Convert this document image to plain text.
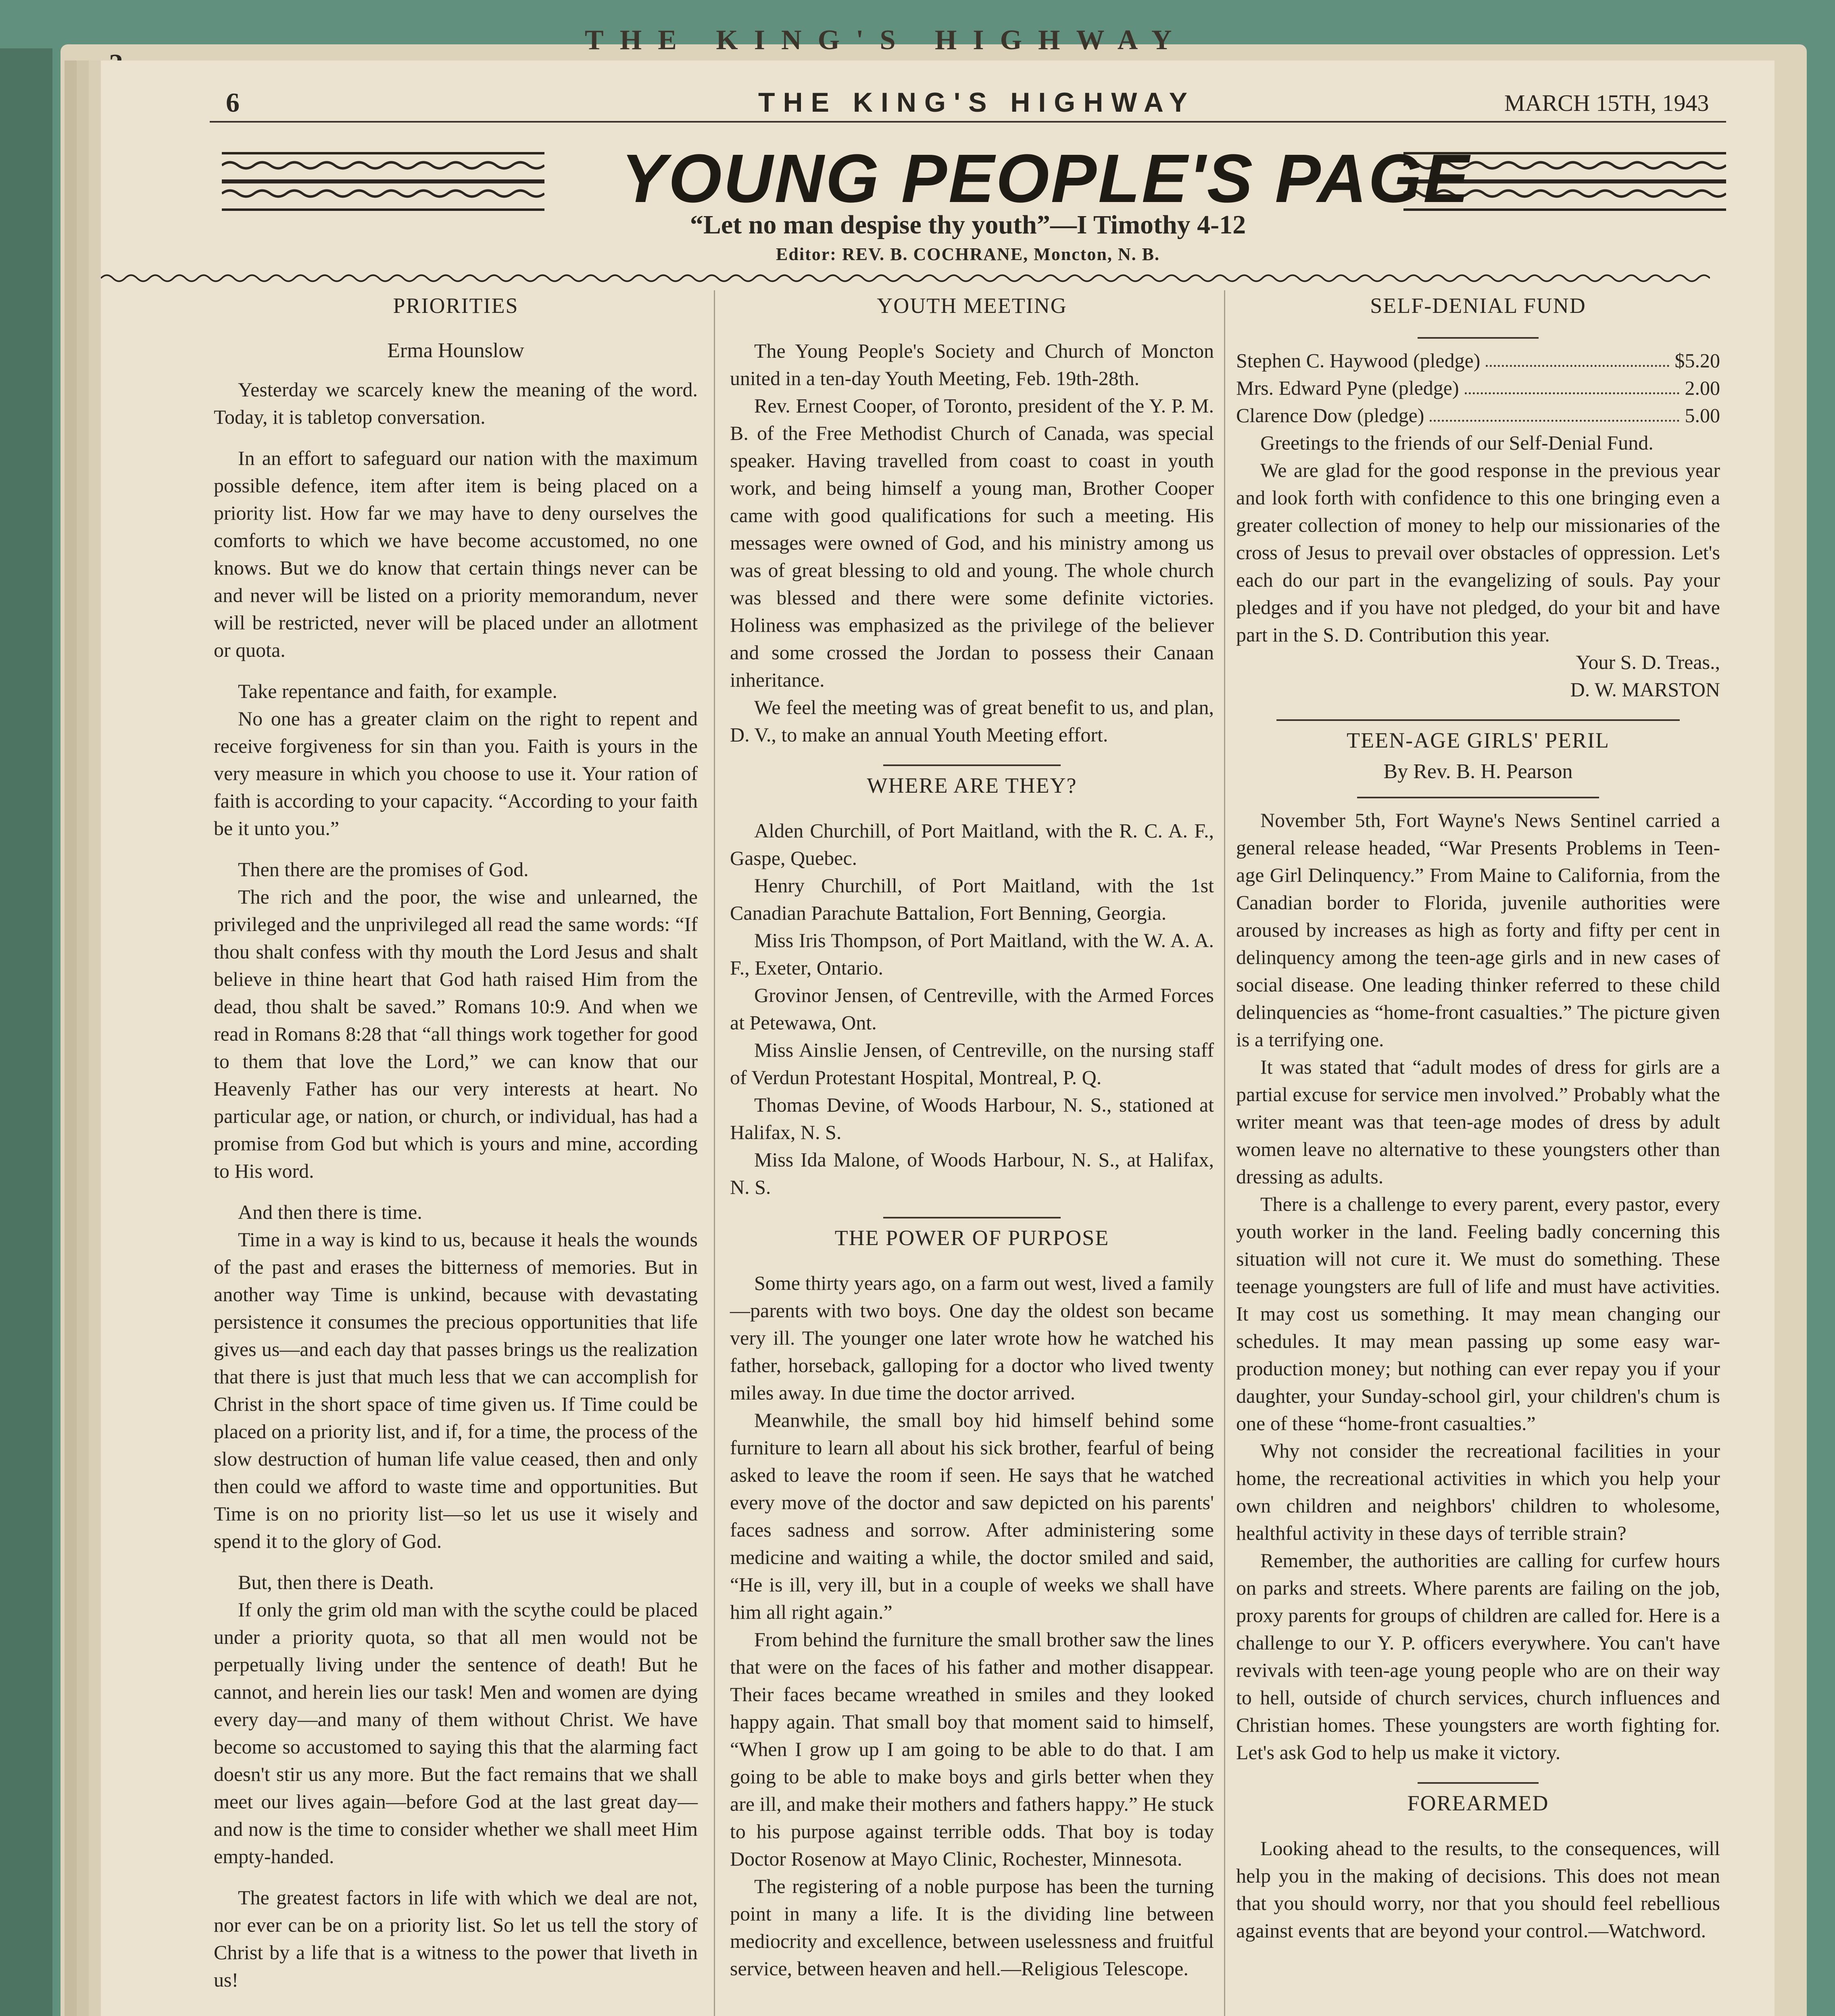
THE KING'S HIGHWAY
6	THE KING'S HIGHWAY	MARCH 15TH, 1943
YOUNG PEOPLE'S PAGE
“Let no man despise thy youth”—I Timothy 4-12
Editor: REV. B. COCHRANE, Moncton, N. B.
PRIORITIES

Erma Hounslow

Yesterday we scarcely knew the meaning of the word. Today, it is tabletop conversation.

In an effort to safeguard our nation with the maximum possible defence, item after item is being placed on a priority list. How far we may have to deny ourselves the comforts to which we have become accustomed, no one knows. But we do know that certain things never can be and never will be listed on a priority memorandum, never will be restricted, never will be placed under an allotment or quota.

Take repentance and faith, for example.

No one has a greater claim on the right to repent and receive forgiveness for sin than you. Faith is yours in the very measure in which you choose to use it. Your ration of faith is according to your capacity. “According to your faith be it unto you.”

Then there are the promises of God.

The rich and the poor, the wise and unlearned, the privileged and the unprivileged all read the same words: “If thou shalt confess with thy mouth the Lord Jesus and shalt believe in thine heart that God hath raised Him from the dead, thou shalt be saved.” Romans 10:9. And when we read in Romans 8:28 that “all things work together for good to them that love the Lord,” we can know that our Heavenly Father has our very interests at heart. No particular age, or nation, or church, or individual, has had a promise from God but which is yours and mine, according to His word.

And then there is time.

Time in a way is kind to us, because it heals the wounds of the past and erases the bitterness of memories. But in another way Time is unkind, because with devastating persistence it consumes the precious opportunities that life gives us—and each day that passes brings us the realization that there is just that much less that we can accomplish for Christ in the short space of time given us. If Time could be placed on a priority list, and if, for a time, the process of the slow destruction of human life value ceased, then and only then could we afford to waste time and opportunities. But Time is on no priority list—so let us use it wisely and spend it to the glory of God.

But, then there is Death.

If only the grim old man with the scythe could be placed under a priority quota, so that all men would not be perpetually living under the sentence of death! But he cannot, and herein lies our task! Men and women are dying every day—and many of them without Christ. We have become so accustomed to saying this that the alarming fact doesn't stir us any more. But the fact remains that we shall meet our lives again—before God at the last great day—and now is the time to consider whether we shall meet Him empty-handed.

The greatest factors in life with which we deal are not, nor ever can be on a priority list. So let us tell the story of Christ by a life that is a witness to the power that liveth in us!

YOUTH MEETING

The Young People's Society and Church of Moncton united in a ten-day Youth Meeting, Feb. 19th-28th.

Rev. Ernest Cooper, of Toronto, president of the Y. P. M. B. of the Free Methodist Church of Canada, was special speaker. Having travelled from coast to coast in youth work, and being himself a young man, Brother Cooper came with good qualifications for such a meeting. His messages were owned of God, and his ministry among us was of great blessing to old and young. The whole church was blessed and there were some definite victories. Holiness was emphasized as the privilege of the believer and some crossed the Jordan to possess their Canaan inheritance.

We feel the meeting was of great benefit to us, and plan, D. V., to make an annual Youth Meeting effort.

WHERE ARE THEY?

Alden Churchill, of Port Maitland, with the R. C. A. F., Gaspe, Quebec.

Henry Churchill, of Port Maitland, with the 1st Canadian Parachute Battalion, Fort Benning, Georgia.

Miss Iris Thompson, of Port Maitland, with the W. A. A. F., Exeter, Ontario.

Grovinor Jensen, of Centreville, with the Armed Forces at Petewawa, Ont.

Miss Ainslie Jensen, of Centreville, on the nursing staff of Verdun Protestant Hospital, Montreal, P. Q.

Thomas Devine, of Woods Harbour, N. S., stationed at Halifax, N. S.

Miss Ida Malone, of Woods Harbour, N. S., at Halifax, N. S.

THE POWER OF PURPOSE

Some thirty years ago, on a farm out west, lived a family—parents with two boys. One day the oldest son became very ill. The younger one later wrote how he watched his father, horseback, galloping for a doctor who lived twenty miles away. In due time the doctor arrived.

Meanwhile, the small boy hid himself behind some furniture to learn all about his sick brother, fearful of being asked to leave the room if seen. He says that he watched every move of the doctor and saw depicted on his parents' faces sadness and sorrow. After administering some medicine and waiting a while, the doctor smiled and said, “He is ill, very ill, but in a couple of weeks we shall have him all right again.”

From behind the furniture the small brother saw the lines that were on the faces of his father and mother disappear. Their faces became wreathed in smiles and they looked happy again. That small boy that moment said to himself, “When I grow up I am going to be able to do that. I am going to be able to make boys and girls better when they are ill, and make their mothers and fathers happy.” He stuck to his purpose against terrible odds. That boy is today Doctor Rosenow at Mayo Clinic, Rochester, Minnesota.

The registering of a noble purpose has been the turning point in many a life. It is the dividing line between mediocrity and excellence, between uselessness and fruitful service, between heaven and hell.—Religious Telescope.

SELF-DENIAL FUND
Stephen C. Haywood (pledge)	$5.20
Mrs. Edward Pyne (pledge)	2.00
Clarence Dow (pledge)	5.00

Greetings to the friends of our Self-Denial Fund.

We are glad for the good response in the previous year and look forth with confidence to this one bringing even a greater collection of money to help our missionaries of the cross of Jesus to prevail over obstacles of oppression. Let's each do our part in the evangelizing of souls. Pay your pledges and if you have not pledged, do your bit and have part in the S. D. Contribution this year.

Your S. D. Treas.,

D. W. MARSTON

TEEN-AGE GIRLS' PERIL

By Rev. B. H. Pearson

November 5th, Fort Wayne's News Sentinel carried a general release headed, “War Presents Problems in Teen-age Girl Delinquency.” From Maine to California, from the Canadian border to Florida, juvenile authorities were aroused by increases as high as forty and fifty per cent in delinquency among the teen-age girls and in new cases of social disease. One leading thinker referred to these child delinquencies as “home-front casualties.” The picture given is a terrifying one.

It was stated that “adult modes of dress for girls are a partial excuse for service men involved.” Probably what the writer meant was that teen-age modes of dress by adult women leave no alternative to these youngsters other than dressing as adults.

There is a challenge to every parent, every pastor, every youth worker in the land. Feeling badly concerning this situation will not cure it. We must do something. These teenage youngsters are full of life and must have activities. It may cost us something. It may mean changing our schedules. It may mean passing up some easy war-production money; but nothing can ever repay you if your daughter, your Sunday-school girl, your children's chum is one of these “home-front casualties.”

Why not consider the recreational facilities in your home, the recreational activities in which you help your own children and neighbors' children to wholesome, healthful activity in these days of terrible strain?

Remember, the authorities are calling for curfew hours on parks and streets. Where parents are failing on the job, proxy parents for groups of children are called for. Here is a challenge to our Y. P. officers everywhere. You can't have revivals with teen-age young people who are on their way to hell, outside of church services, church influences and Christian homes. These youngsters are worth fighting for. Let's ask God to help us make it victory.

FOREARMED

Looking ahead to the results, to the consequences, will help you in the making of decisions. This does not mean that you should worry, nor that you should feel rebellious against events that are beyond your control.—Watchword.
